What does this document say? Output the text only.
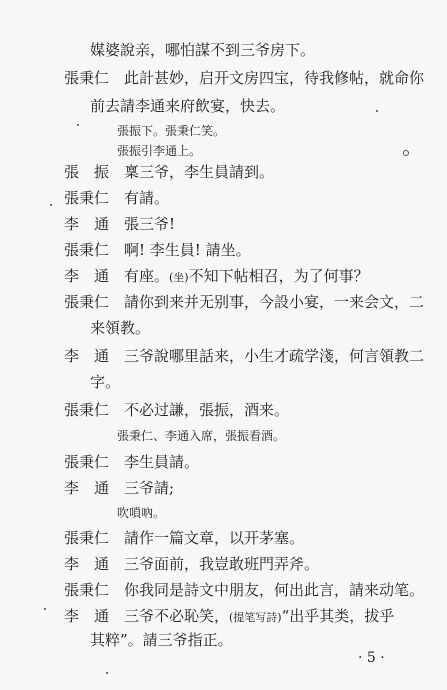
媒婆說亲，哪怕謀不到三爷房下。
張秉仁 此計甚妙，启开文房四宝，待我修帖，就命你
前去請李通来府飲宴，快去。
張振下。張秉仁笑。
張振引李通上。
張　振 稟三爷，李生員請到。
張秉仁 有請。
李　通 張三爷!
張秉仁 啊! 李生員! 請坐。
李　通 有座。(坐)不知下帖相召，为了何事？
張秉仁 請你到来并无别事，今設小宴，一来会文，二
来領教。
李　通 三爷說哪里話来，小生才疏学淺，何言領教二
字。
張秉仁 不必过謙，張振，酒来。
張秉仁、李通入席，張振看酒。
張秉仁 李生員請。
李　通 三爷請;
吹嗩吶。
張秉仁 請作一篇文章，以开茅塞。
李　通 三爷面前，我豈敢班門弄斧。
張秉仁 你我同是詩文中朋友，何出此言，請来动笔。
李　通 三爷不必恥笑，(提笔写詩)“出乎其类，拔乎
其粹”。請三爷指正。
· 5 ·
